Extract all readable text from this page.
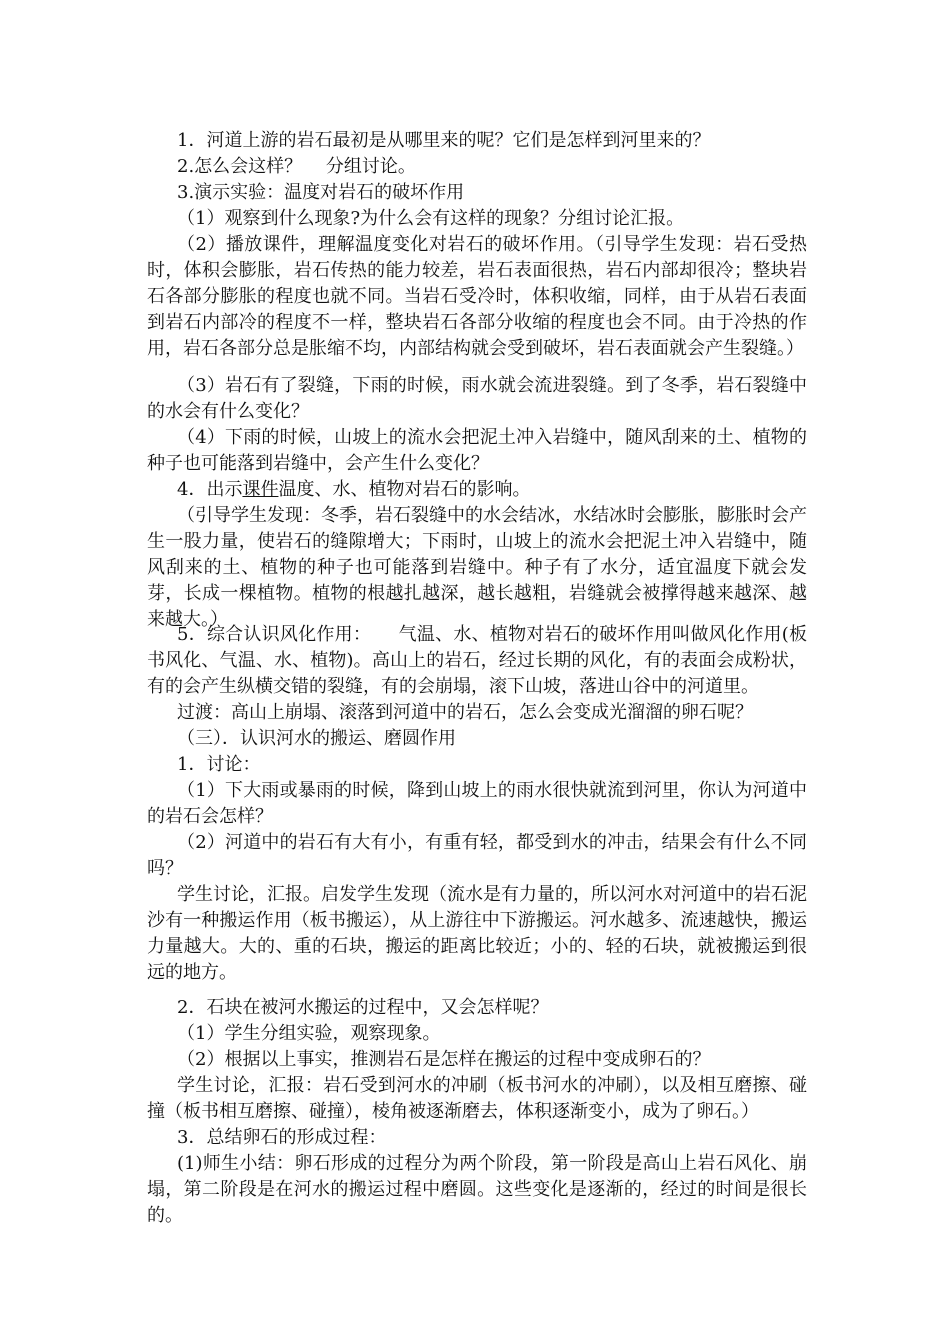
1．河道上游的岩石最初是从哪里来的呢？它们是怎样到河里来的？

2.怎么会这样？　 分组讨论。

3.演示实验：温度对岩石的破坏作用

（1）观察到什么现象?为什么会有这样的现象？分组讨论汇报。

（2）播放课件，理解温度变化对岩石的破坏作用。（引导学生发现：岩石受热时，体积会膨胀，岩石传热的能力较差，岩石表面很热，岩石内部却很冷；整块岩石各部分膨胀的程度也就不同。当岩石受冷时，体积收缩，同样，由于从岩石表面到岩石内部冷的程度不一样，整块岩石各部分收缩的程度也会不同。由于冷热的作用，岩石各部分总是胀缩不均，内部结构就会受到破坏，岩石表面就会产生裂缝。）

（3）岩石有了裂缝，下雨的时候，雨水就会流进裂缝。到了冬季，岩石裂缝中的水会有什么变化？

（4）下雨的时候，山坡上的流水会把泥土冲入岩缝中，随风刮来的土、植物的种子也可能落到岩缝中，会产生什么变化？

4．出示课件温度、水、植物对岩石的影响。

（引导学生发现：冬季，岩石裂缝中的水会结冰，水结冰时会膨胀，膨胀时会产生一股力量，使岩石的缝隙增大；下雨时，山坡上的流水会把泥土冲入岩缝中，随风刮来的土、植物的种子也可能落到岩缝中。种子有了水分，适宜温度下就会发芽，长成一棵植物。植物的根越扎越深，越长越粗，岩缝就会被撑得越来越深、越来越大。）

5．综合认识风化作用：　　气温、水、植物对岩石的破坏作用叫做风化作用(板书风化、气温、水、植物)。高山上的岩石，经过长期的风化，有的表面会成粉状，有的会产生纵横交错的裂缝，有的会崩塌，滚下山坡，落进山谷中的河道里。

过渡：高山上崩塌、滚落到河道中的岩石，怎么会变成光溜溜的卵石呢？

（三）．认识河水的搬运、磨圆作用

1．讨论：

（1）下大雨或暴雨的时候，降到山坡上的雨水很快就流到河里，你认为河道中的岩石会怎样？

（2）河道中的岩石有大有小，有重有轻，都受到水的冲击，结果会有什么不同吗？

学生讨论，汇报。启发学生发现（流水是有力量的，所以河水对河道中的岩石泥沙有一种搬运作用（板书搬运），从上游往中下游搬运。河水越多、流速越快，搬运力量越大。大的、重的石块，搬运的距离比较近；小的、轻的石块，就被搬运到很远的地方。

2．石块在被河水搬运的过程中，又会怎样呢？

（1）学生分组实验，观察现象。

（2）根据以上事实，推测岩石是怎样在搬运的过程中变成卵石的？

学生讨论，汇报：岩石受到河水的冲刷（板书河水的冲刷），以及相互磨擦、碰撞（板书相互磨擦、碰撞），棱角被逐渐磨去，体积逐渐变小，成为了卵石。）

3．总结卵石的形成过程：

(1)师生小结：卵石形成的过程分为两个阶段，第一阶段是高山上岩石风化、崩塌，第二阶段是在河水的搬运过程中磨圆。这些变化是逐渐的，经过的时间是很长的。
